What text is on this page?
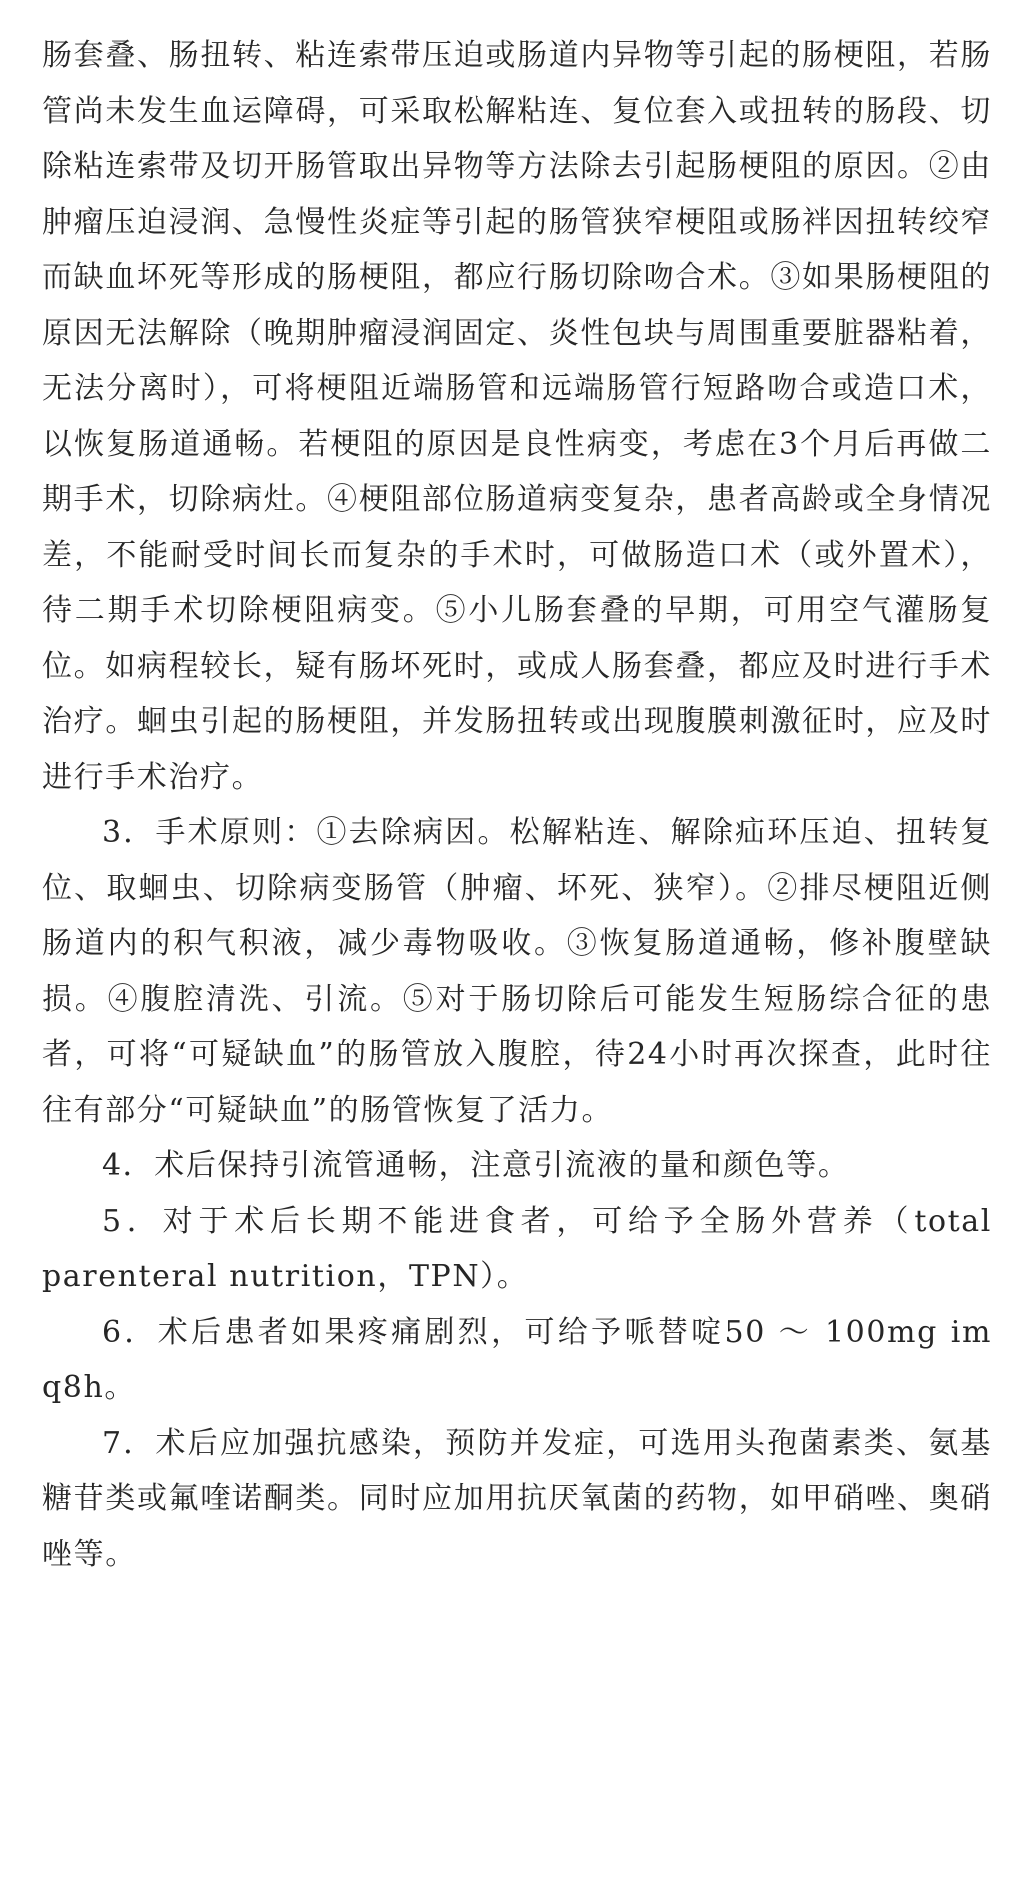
肠套叠、肠扭转、粘连索带压迫或肠道内异物等引起的肠梗阻，若肠管尚未发生血运障碍，可采取松解粘连、复位套入或扭转的肠段、切除粘连索带及切开肠管取出异物等方法除去引起肠梗阻的原因。②由肿瘤压迫浸润、急慢性炎症等引起的肠管狭窄梗阻或肠袢因扭转绞窄而缺血坏死等形成的肠梗阻，都应行肠切除吻合术。③如果肠梗阻的原因无法解除（晚期肿瘤浸润固定、炎性包块与周围重要脏器粘着，无法分离时），可将梗阻近端肠管和远端肠管行短路吻合或造口术，以恢复肠道通畅。若梗阻的原因是良性病变，考虑在3个月后再做二期手术，切除病灶。④梗阻部位肠道病变复杂，患者高龄或全身情况差，不能耐受时间长而复杂的手术时，可做肠造口术（或外置术），待二期手术切除梗阻病变。⑤小儿肠套叠的早期，可用空气灌肠复位。如病程较长，疑有肠坏死时，或成人肠套叠，都应及时进行手术治疗。蛔虫引起的肠梗阻，并发肠扭转或出现腹膜刺激征时，应及时进行手术治疗。

3．手术原则：①去除病因。松解粘连、解除疝环压迫、扭转复位、取蛔虫、切除病变肠管（肿瘤、坏死、狭窄）。②排尽梗阻近侧肠道内的积气积液，减少毒物吸收。③恢复肠道通畅，修补腹壁缺损。④腹腔清洗、引流。⑤对于肠切除后可能发生短肠综合征的患者，可将“可疑缺血”的肠管放入腹腔，待24小时再次探查，此时往往有部分“可疑缺血”的肠管恢复了活力。

4．术后保持引流管通畅，注意引流液的量和颜色等。

5．对于术后长期不能进食者，可给予全肠外营养（total parenteral nutrition，TPN）。

6．术后患者如果疼痛剧烈，可给予哌替啶50 ～ 100mg im q8h。

7．术后应加强抗感染，预防并发症，可选用头孢菌素类、氨基糖苷类或氟喹诺酮类。同时应加用抗厌氧菌的药物，如甲硝唑、奥硝唑等。
